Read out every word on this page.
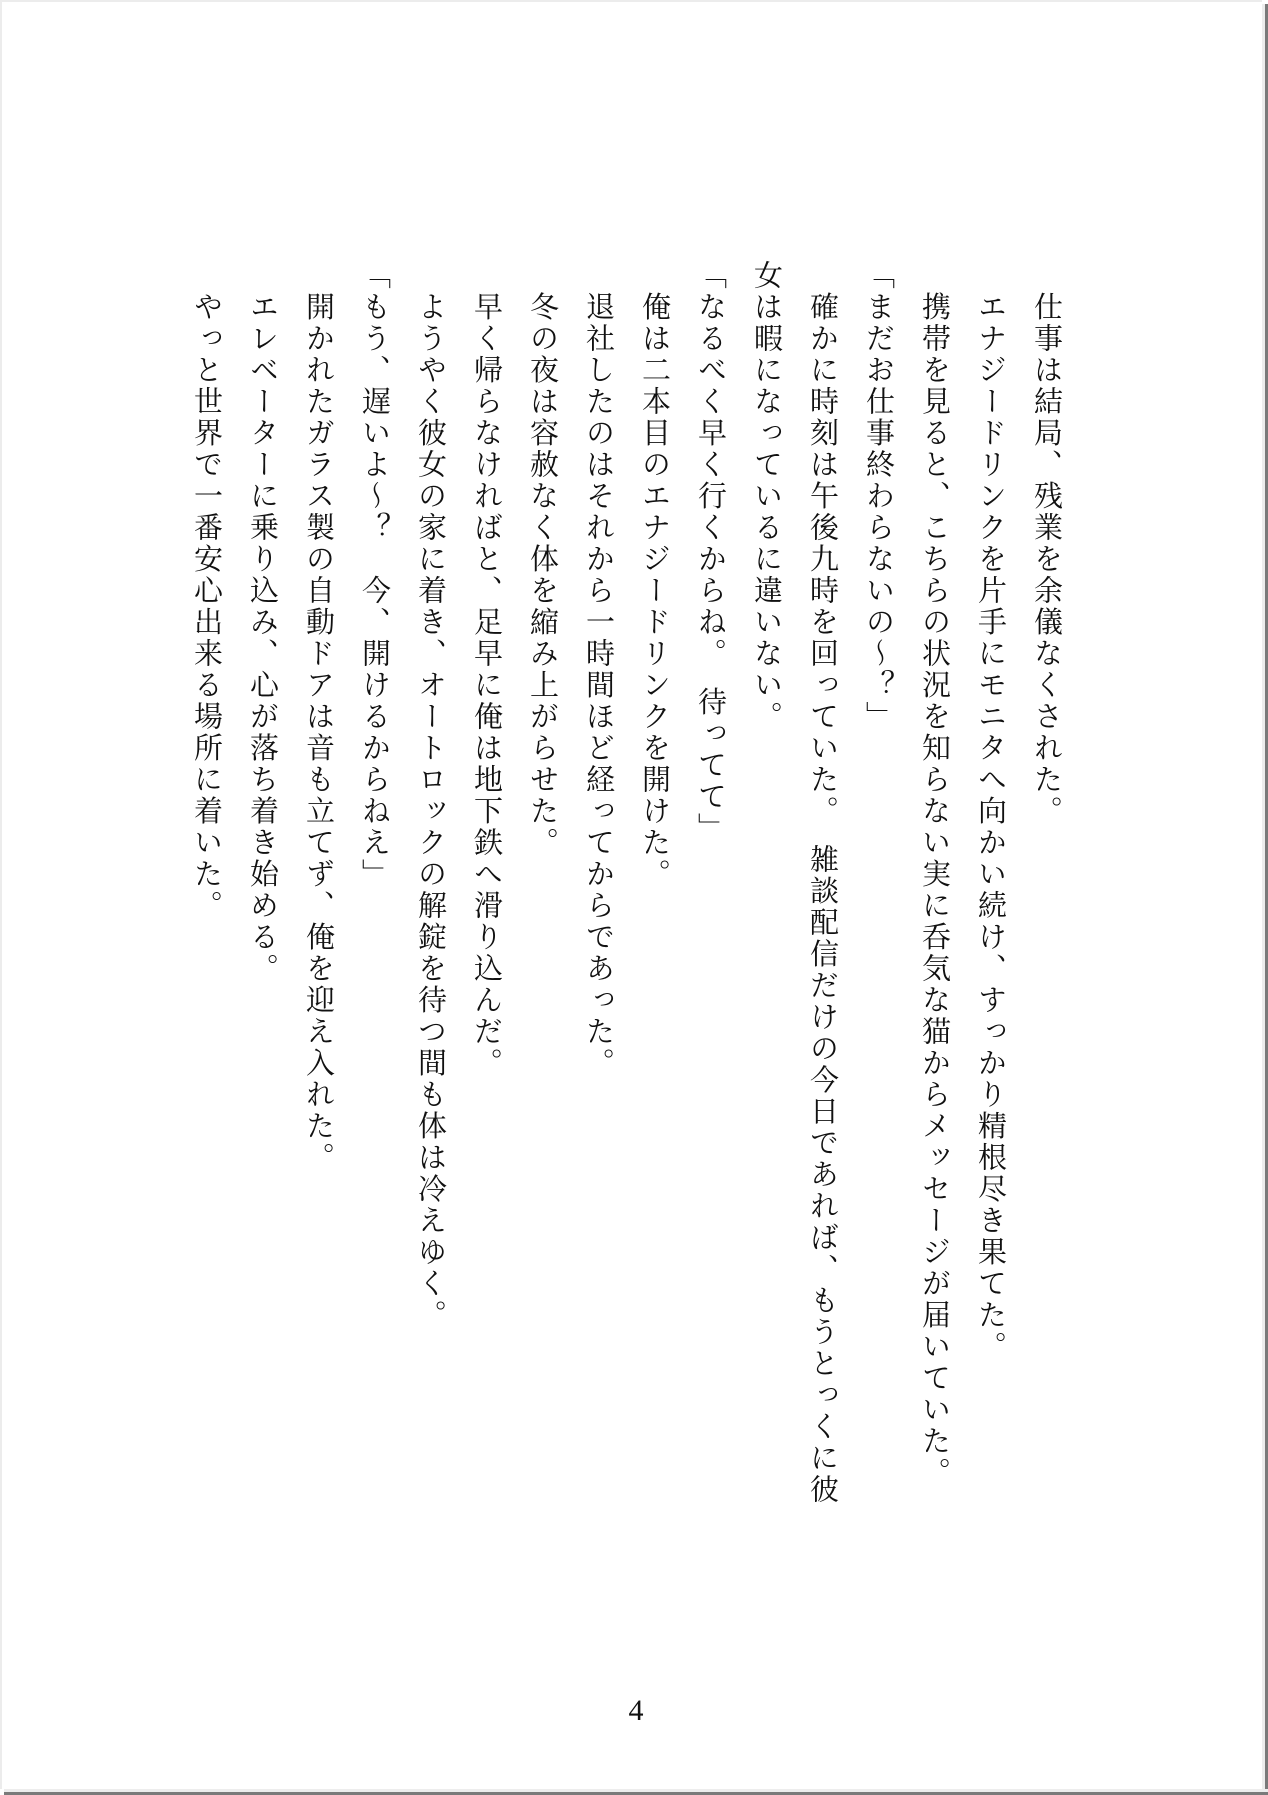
　仕事は結局、残業を余儀なくされた。
　エナジードリンクを片手にモニタへ向かい続け、すっかり精根尽き果てた。
　携帯を見ると、こちらの状況を知らない実に呑気な猫からメッセージが届いていた。
「まだお仕事終わらないの～？」
　確かに時刻は午後九時を回っていた。　雑談配信だけの今日であれば、もうとっくに彼
女は暇になっているに違いない。
「なるべく早く行くからね。　待ってて」
　俺は二本目のエナジードリンクを開けた。
　退社したのはそれから一時間ほど経ってからであった。
　冬の夜は容赦なく体を縮み上がらせた。
　早く帰らなければと、足早に俺は地下鉄へ滑り込んだ。
　ようやく彼女の家に着き、オートロックの解錠を待つ間も体は冷えゆく。
「もう、遅いよ～？　今、開けるからねえ」
　開かれたガラス製の自動ドアは音も立てず、俺を迎え入れた。
　エレベーターに乗り込み、心が落ち着き始める。
　やっと世界で一番安心出来る場所に着いた。
4
